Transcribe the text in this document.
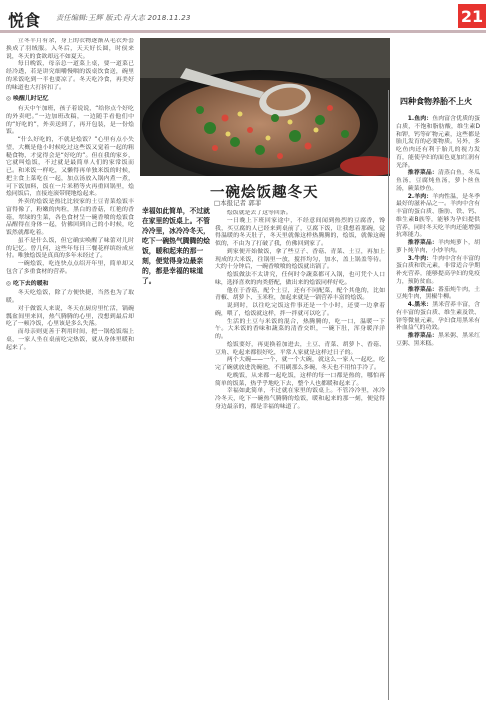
悦食 责任编辑:王辉 版式:肖大志 2018.11.23	21

立冬半月有余，身上的衣物逐渐从毛衣外套换成了羽绒服。入冬后，天天好长圆，时侯来说，冬天的食欲却远不如夏天。

每日晚饭，母亲总一道菜上桌，要一道菜已经冷透，若是讲究细嚼慢咽的饭桌饮食送，碗里的米饭吃到一半也要凉了。冬天吃冷食，再美好的味道也大打折扣了。

◎ 唤醒儿时记忆

有天中午加班，孩子着说说，“给你点个好吃的外卖吧。”一边加班改稿，一边随手看他们中的“好吃的”，外卖送到了，再开包装，是一份烩饭。

“什么好吃的，不就是烩饭？”心里有点小失望，大概是他小时候吃过这些饭又觉着一起的粗糙食物，才觉得会是“好吃的”。但在我的家乡，它就叫烩饭，不过就是最简单人们的家常饭而已。和米饭一样吃，又懒得再单独米饭的时候，把主食上菜吃在一起，加点汤放入锅内煮一煮，可下饭加料，饭在一片米稍等火再重回锅里，烩烩同饭后，直接连滚带爬地烩起来。

外卖的烩饭是热比比较家的土豆青菜烩饭丰富得像了，粉嫩的肉粒，黑白的香菇，红艳的香菇，翠绿的生菜，各色食材呈一碗香喷的烩饭食品醒得在身体一起，仿佛回到自己的小时候，吃饭然就都吃着。

虽不是什么饭，但它确实唤醒了味蕾对儿时的记忆。曾几何，这些年每日三餐花样缤纷成应付。唯独烩饭是真真的多年未经过了。

一碗烩饭，吃连快点点绍开年里，简单却又包含了多重食材的营养。

◎ 吃下去的暖和

冬天吃烩饭，除了方便快捷，当然也为了取暖。

对于做饭人来说，冬天在厨房里忙活，锅碗瓢盆间里来回，热气腾腾的心里，没想到最后却吃了一顿冷饭，心里该是多么失落。

而母亲则更善于利用时间，把一锅烩饭端上桌，一家人坐在桌前吃完热饭，就从身体里暖和起来了。

一碗烩饭趣冬天
□本报记者 郭菲
幸福如此简单，不过就在家里的饭桌上。不管冷冷里，冰冷冷冬天，吃下一碗热气腾腾的烩饭，暖和起来的那一刻，便觉得身边最亲的，都是幸福的味道了。

烩饭就是去了这等回条。

一日晚上下班回家途中，不经意间闻到热烈的豆腐香，馋我，买豆腐的人已经来到桌前了，豆腐下饭，让我想着那碗，觉得温暖的冬天肚子，冬天里就像这样热腾腾的，烩饭，就像这碗似的，不由为了打破了我，仿佛回到家了。

到家便开始做饭，拿了些豆子、香菇、青菜、土豆，再加上现成的大米饭，往锅里一放，搅拌均匀，加水，盖上锅盖等待。大约十分钟后，一碗香喷喷的烩饭就出锅了。

烩饭做法不太讲究，任何时令蔬菜都可入锅，也可凭个人口味，选择喜欢的肉类搭配，做出来的烩饭同样好吃。

他在于香菇，配个土豆，还有不同配菜，配个其他的，比如青椒、胡萝卜、玉米粒，加起来就是一锅营养丰富的烩饭。

说到时，以往吃完饭这件事还是一个小时，还要一边拿着碗，喂了，烩饭就这样，拌一拌就可以吃了。

生活的土豆与米饭的混合，热腾腾的，吃一口，温暖一下午。大米饭的香味和蔬菜的清香交织，一碗下肚，浑身暖洋洋的。

烩饭要好，再更换着加进去，土豆、青菜、胡萝卜、香菇、豆角、吃起来都很好吃，平常人家就是这样过日子的。

两个大碗——一个，就一个大碗，就这么一家人一起吃，吃完了碗就放进洗碗池，不用刷那么多碗，冬天也不用怕手冷了。

吃晚饭，从来都一起吃饭，这样的每一口都是热的，哪怕再简单的饭菜，热乎乎地吃下去，整个人也都暖和起来了。

幸福如此简单，不过就在家里的饭桌上。不管冷冷里，冰冷冷冬天，吃下一碗热气腾腾的烩饭，暖和起来的那一刻，便觉得身边最亲的，都是幸福的味道了。

四种食物养胎不上火

1.鱼肉：鱼肉富含优质的蛋白质，不饱和脂肪酸，维生素D和钾，钙等矿物元素，这些都是胎儿发育的必要物质。另外，多吃鱼肉还有利于胎儿的视力发育，能使孕妇的面色更加红润有光泽。

推荐菜品：清蒸白鱼，冬瓜鱼汤，豆腐炖鱼汤，萝卜丝鱼汤，蕨菜炒鱼。

2.羊肉：羊肉性温，是冬季最好的滋补品之一。羊肉中含有丰富的蛋白质、脂肪、铁、钙、维生素B族等，能够为孕妇提供营养，同时冬天吃羊肉还能增强抗寒能力。

推荐菜品：羊肉炖萝卜，胡萝卜炖羊肉，小炒羊肉。

3.牛肉：牛肉中含有丰富的蛋白质和铁元素，非常适合孕期补充营养，能够提高孕妇的免疫力，预防贫血。

推荐菜品：番茄炖牛肉，土豆炖牛肉，黑椒牛柳。

4.黑米：黑米营养丰富，含有丰富的蛋白质、维生素及铁、锌等微量元素，孕妇食用黑米有补血益气的功效。

推荐菜品：黑米粥、黑米红豆粥、黑米糕。
